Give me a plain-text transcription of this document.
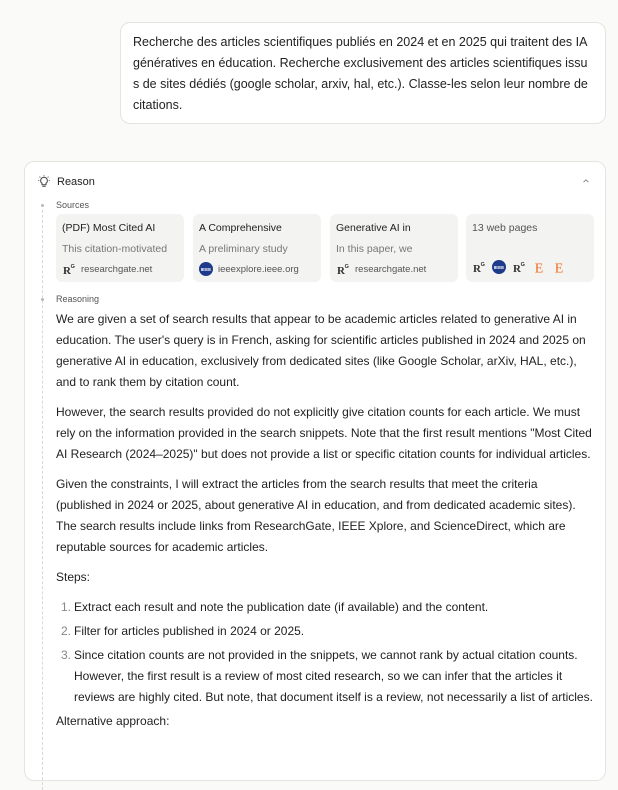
Recherche des articles scientifiques publiés en 2024 et en 2025 qui traitent des IA génératives en éducation. Recherche exclusivement des articles scientifiques issus de sites dédiés (google scholar, arxiv, hal, etc.). Classe-les selon leur nombre de citations.
Reason
Sources
(PDF) Most Cited AI
This citation-motivated
R G researchgate.net
A Comprehensive
A preliminary study
IEEE ieeexplore.ieee.org
Generative AI in
In this paper, we
R G researchgate.net
13 web pages
R G IEEE R G E E
Reasoning

We are given a set of search results that appear to be academic articles related to generative AI in education. The user's query is in French, asking for scientific articles published in 2024 and 2025 on generative AI in education, exclusively from dedicated sites (like Google Scholar, arXiv, HAL, etc.), and to rank them by citation count.

However, the search results provided do not explicitly give citation counts for each article. We must rely on the information provided in the search snippets. Note that the first result mentions "Most Cited AI Research (2024–2025)" but does not provide a list or specific citation counts for individual articles.

Given the constraints, I will extract the articles from the search results that meet the criteria (published in 2024 or 2025, about generative AI in education, and from dedicated academic sites). The search results include links from ResearchGate, IEEE Xplore, and ScienceDirect, which are reputable sources for academic articles.

Steps:

1. Extract each result and note the publication date (if available) and the content.
2. Filter for articles published in 2024 or 2025.
3. Since citation counts are not provided in the snippets, we cannot rank by actual citation counts. However, the first result is a review of most cited research, so we can infer that the articles it reviews are highly cited. But note, that document itself is a review, not necessarily a list of articles.

Alternative approach:
